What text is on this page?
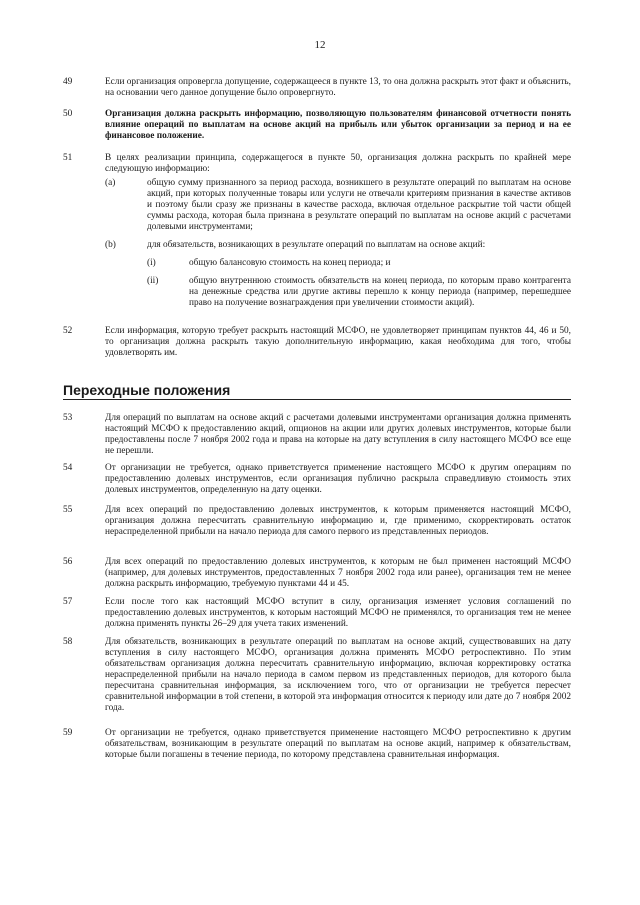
12
49	Если организация опровергла допущение, содержащееся в пункте 13, то она должна раскрыть этот факт и объяснить, на основании чего данное допущение было опровергнуто.
50	Организация должна раскрыть информацию, позволяющую пользователям финансовой отчетности понять влияние операций по выплатам на основе акций на прибыль или убыток организации за период и на ее финансовое положение.
51	В целях реализации принципа, содержащегося в пункте 50, организация должна раскрыть по крайней мере следующую информацию:
(a)	общую сумму признанного за период расхода, возникшего в результате операций по выплатам на основе акций, при которых полученные товары или услуги не отвечали критериям признания в качестве активов и поэтому были сразу же признаны в качестве расхода, включая отдельное раскрытие той части общей суммы расхода, которая была признана в результате операций по выплатам на основе акций с расчетами долевыми инструментами;
(b)	для обязательств, возникающих в результате операций по выплатам на основе акций:
(i)	общую балансовую стоимость на конец периода; и
(ii)	общую внутреннюю стоимость обязательств на конец периода, по которым право контрагента на денежные средства или другие активы перешло к концу периода (например, перешедшее право на получение вознаграждения при увеличении стоимости акций).
52	Если информация, которую требует раскрыть настоящий МСФО, не удовлетворяет принципам пунктов 44, 46 и 50, то организация должна раскрыть такую дополнительную информацию, какая необходима для того, чтобы удовлетворять им.
Переходные положения
53	Для операций по выплатам на основе акций с расчетами долевыми инструментами организация должна применять настоящий МСФО к предоставлению акций, опционов на акции или других долевых инструментов, которые были предоставлены после 7 ноября 2002 года и права на которые на дату вступления в силу настоящего МСФО все еще не перешли.
54	От организации не требуется, однако приветствуется применение настоящего МСФО к другим операциям по предоставлению долевых инструментов, если организация публично раскрыла справедливую стоимость этих долевых инструментов, определенную на дату оценки.
55	Для всех операций по предоставлению долевых инструментов, к которым применяется настоящий МСФО, организация должна пересчитать сравнительную информацию и, где применимо, скорректировать остаток нераспределенной прибыли на начало периода для самого первого из представленных периодов.
56	Для всех операций по предоставлению долевых инструментов, к которым не был применен настоящий МСФО (например, для долевых инструментов, предоставленных 7 ноября 2002 года или ранее), организация тем не менее должна раскрыть информацию, требуемую пунктами 44 и 45.
57	Если после того как настоящий МСФО вступит в силу, организация изменяет условия соглашений по предоставлению долевых инструментов, к которым настоящий МСФО не применялся, то организация тем не менее должна применять пункты 26–29 для учета таких изменений.
58	Для обязательств, возникающих в результате операций по выплатам на основе акций, существовавших на дату вступления в силу настоящего МСФО, организация должна применять МСФО ретроспективно. По этим обязательствам организация должна пересчитать сравнительную информацию, включая корректировку остатка нераспределенной прибыли на начало периода в самом первом из представленных периодов, для которого была пересчитана сравнительная информация, за исключением того, что от организации не требуется пересчет сравнительной информации в той степени, в которой эта информация относится к периоду или дате до 7 ноября 2002 года.
59	От организации не требуется, однако приветствуется применение настоящего МСФО ретроспективно к другим обязательствам, возникающим в результате операций по выплатам на основе акций, например к обязательствам, которые были погашены в течение периода, по которому представлена сравнительная информация.
